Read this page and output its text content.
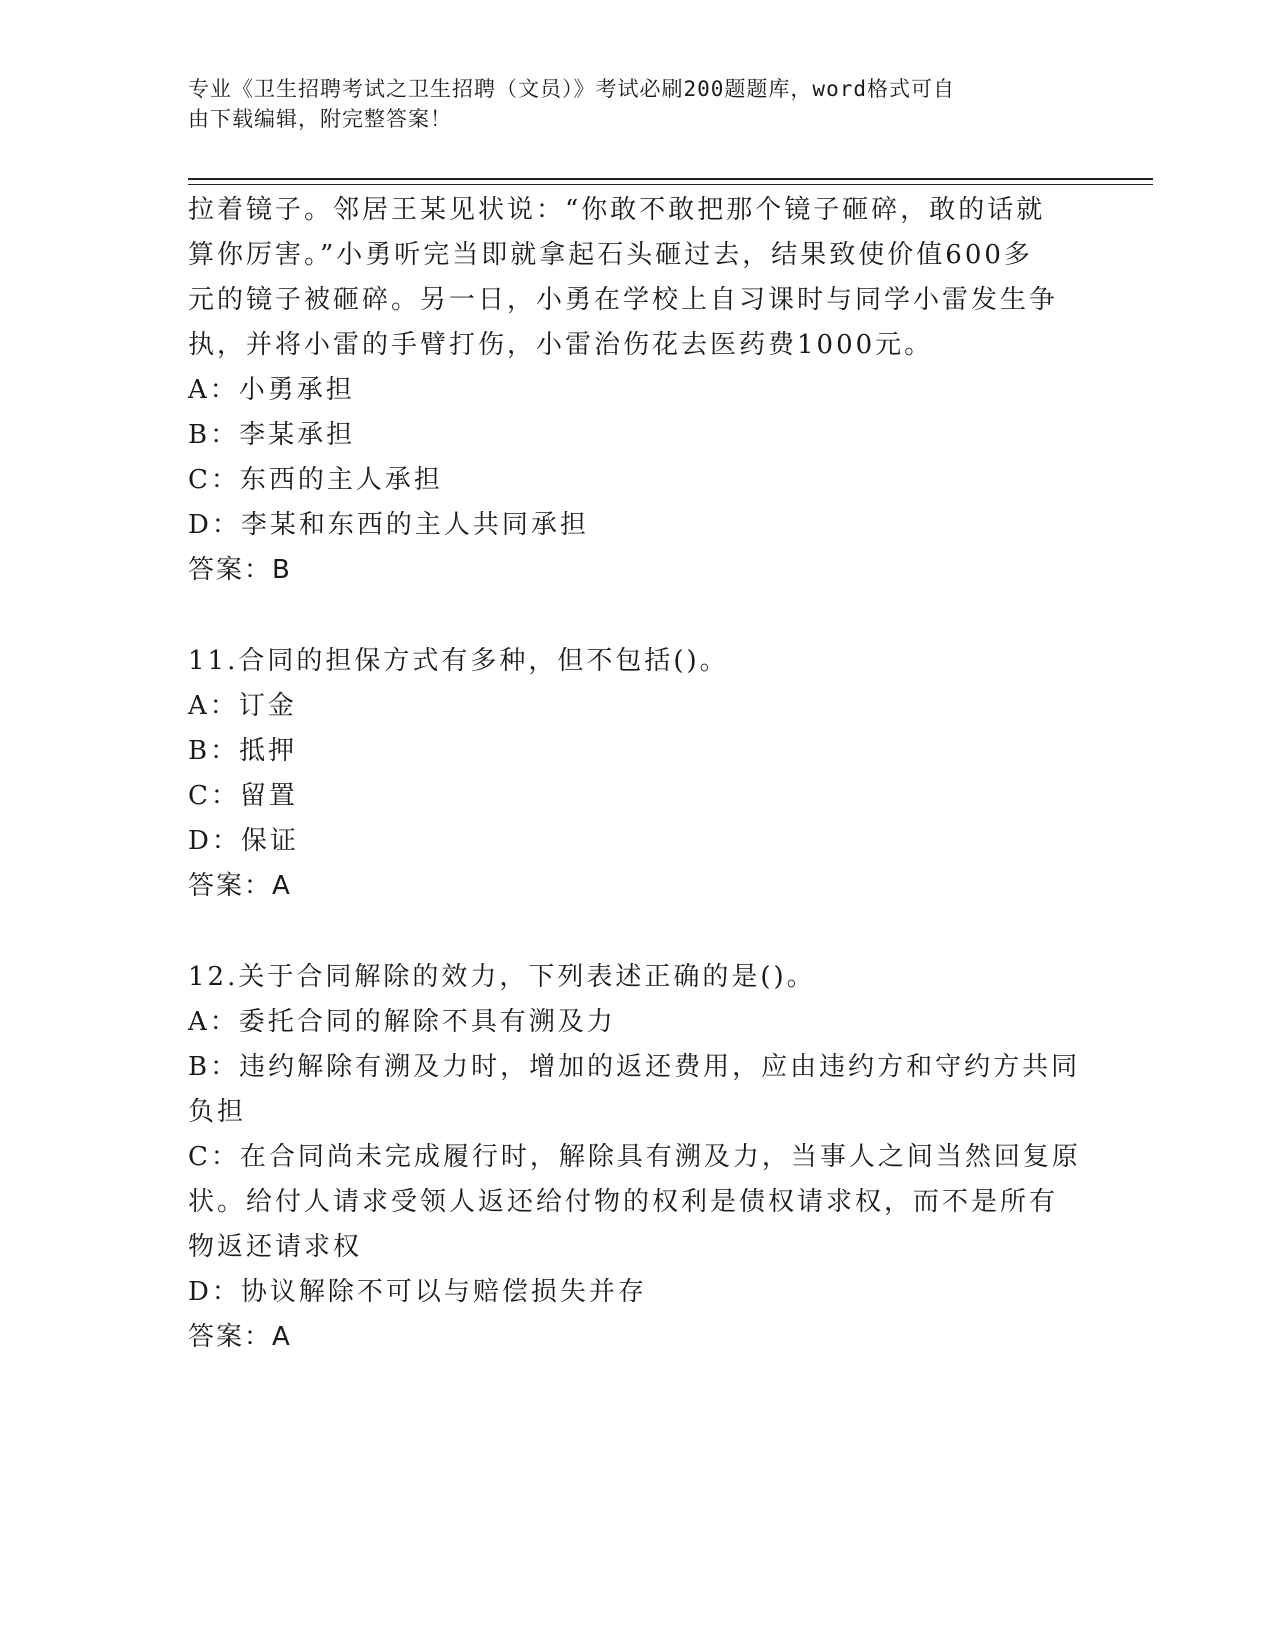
专业《卫生招聘考试之卫生招聘（文员）》考试必刷200题题库，word格式可自
由下载编辑，附完整答案！
拉着镜子。邻居王某见状说：“你敢不敢把那个镜子砸碎，敢的话就
算你厉害。”小勇听完当即就拿起石头砸过去，结果致使价值600多
元的镜子被砸碎。另一日，小勇在学校上自习课时与同学小雷发生争
执，并将小雷的手臂打伤，小雷治伤花去医药费1000元。
A：小勇承担
B：李某承担
C：东西的主人承担
D：李某和东西的主人共同承担
答案：B
11.合同的担保方式有多种，但不包括()。
A：订金
B：抵押
C：留置
D：保证
答案：A
12.关于合同解除的效力，下列表述正确的是()。
A：委托合同的解除不具有溯及力
B：违约解除有溯及力时，增加的返还费用，应由违约方和守约方共同
负担
C：在合同尚未完成履行时，解除具有溯及力，当事人之间当然回复原
状。给付人请求受领人返还给付物的权利是债权请求权，而不是所有
物返还请求权
D：协议解除不可以与赔偿损失并存
答案：A
